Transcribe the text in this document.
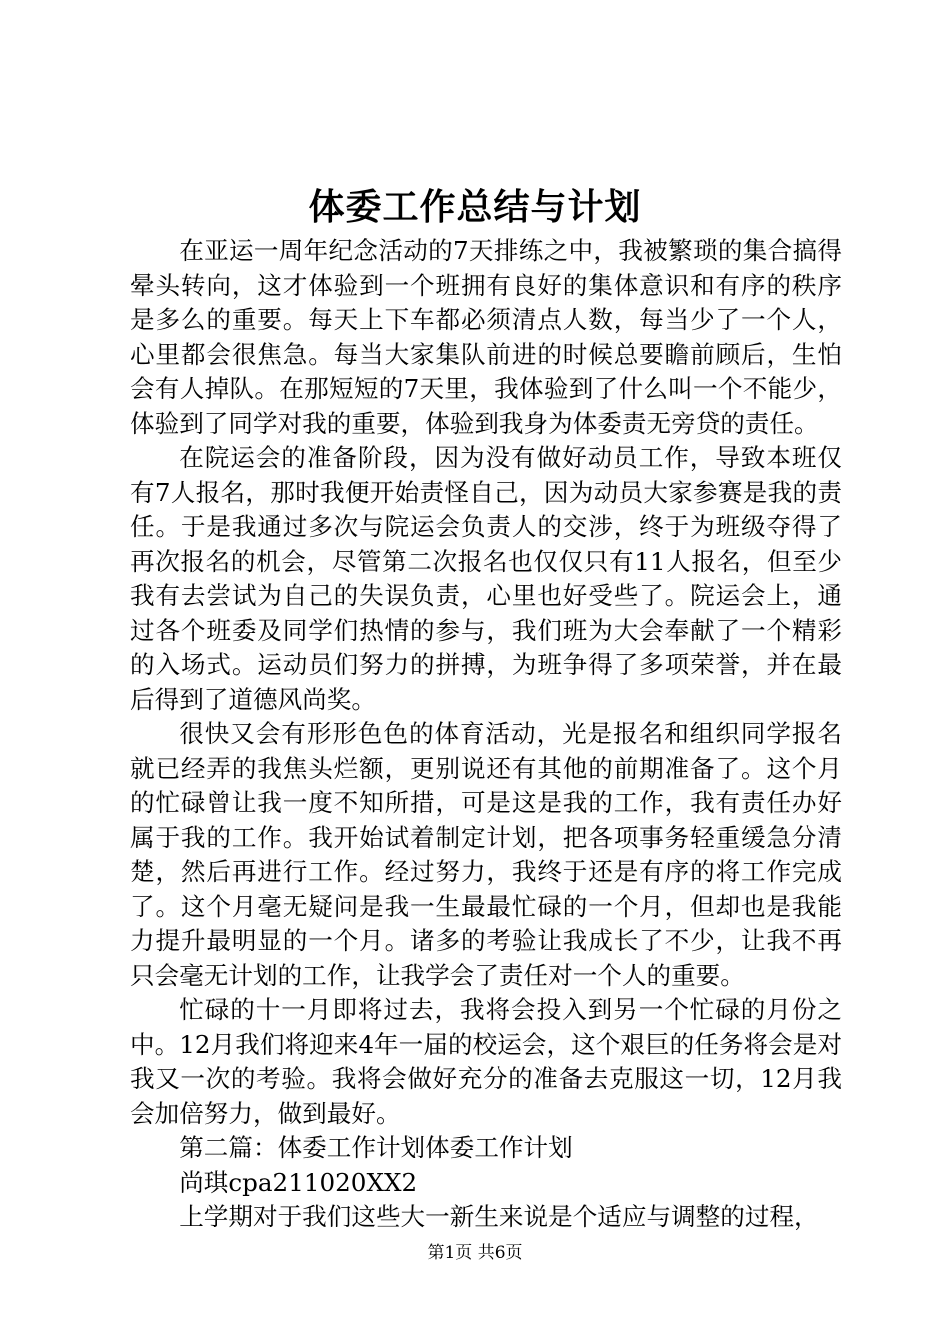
体委工作总结与计划

在亚运一周年纪念活动的7天排练之中，我被繁琐的集合搞得晕头转向，这才体验到一个班拥有良好的集体意识和有序的秩序是多么的重要。每天上下车都必须清点人数，每当少了一个人，心里都会很焦急。每当大家集队前进的时候总要瞻前顾后，生怕会有人掉队。在那短短的7天里，我体验到了什么叫一个不能少，体验到了同学对我的重要，体验到我身为体委责无旁贷的责任。

在院运会的准备阶段，因为没有做好动员工作，导致本班仅有7人报名，那时我便开始责怪自己，因为动员大家参赛是我的责任。于是我通过多次与院运会负责人的交涉，终于为班级夺得了再次报名的机会，尽管第二次报名也仅仅只有11人报名，但至少我有去尝试为自己的失误负责，心里也好受些了。院运会上，通过各个班委及同学们热情的参与，我们班为大会奉献了一个精彩的入场式。运动员们努力的拼搏，为班争得了多项荣誉，并在最后得到了道德风尚奖。

很快又会有形形色色的体育活动，光是报名和组织同学报名就已经弄的我焦头烂额，更别说还有其他的前期准备了。这个月的忙碌曾让我一度不知所措，可是这是我的工作，我有责任办好属于我的工作。我开始试着制定计划，把各项事务轻重缓急分清楚，然后再进行工作。经过努力，我终于还是有序的将工作完成了。这个月毫无疑问是我一生最最忙碌的一个月，但却也是我能力提升最明显的一个月。诸多的考验让我成长了不少，让我不再只会毫无计划的工作，让我学会了责任对一个人的重要。

忙碌的十一月即将过去，我将会投入到另一个忙碌的月份之中。12月我们将迎来4年一届的校运会，这个艰巨的任务将会是对我又一次的考验。我将会做好充分的准备去克服这一切，12月我会加倍努力，做到最好。

第二篇：体委工作计划体委工作计划

尚琪cpa211020XX2

上学期对于我们这些大一新生来说是个适应与调整的过程，

第1页 共6页
